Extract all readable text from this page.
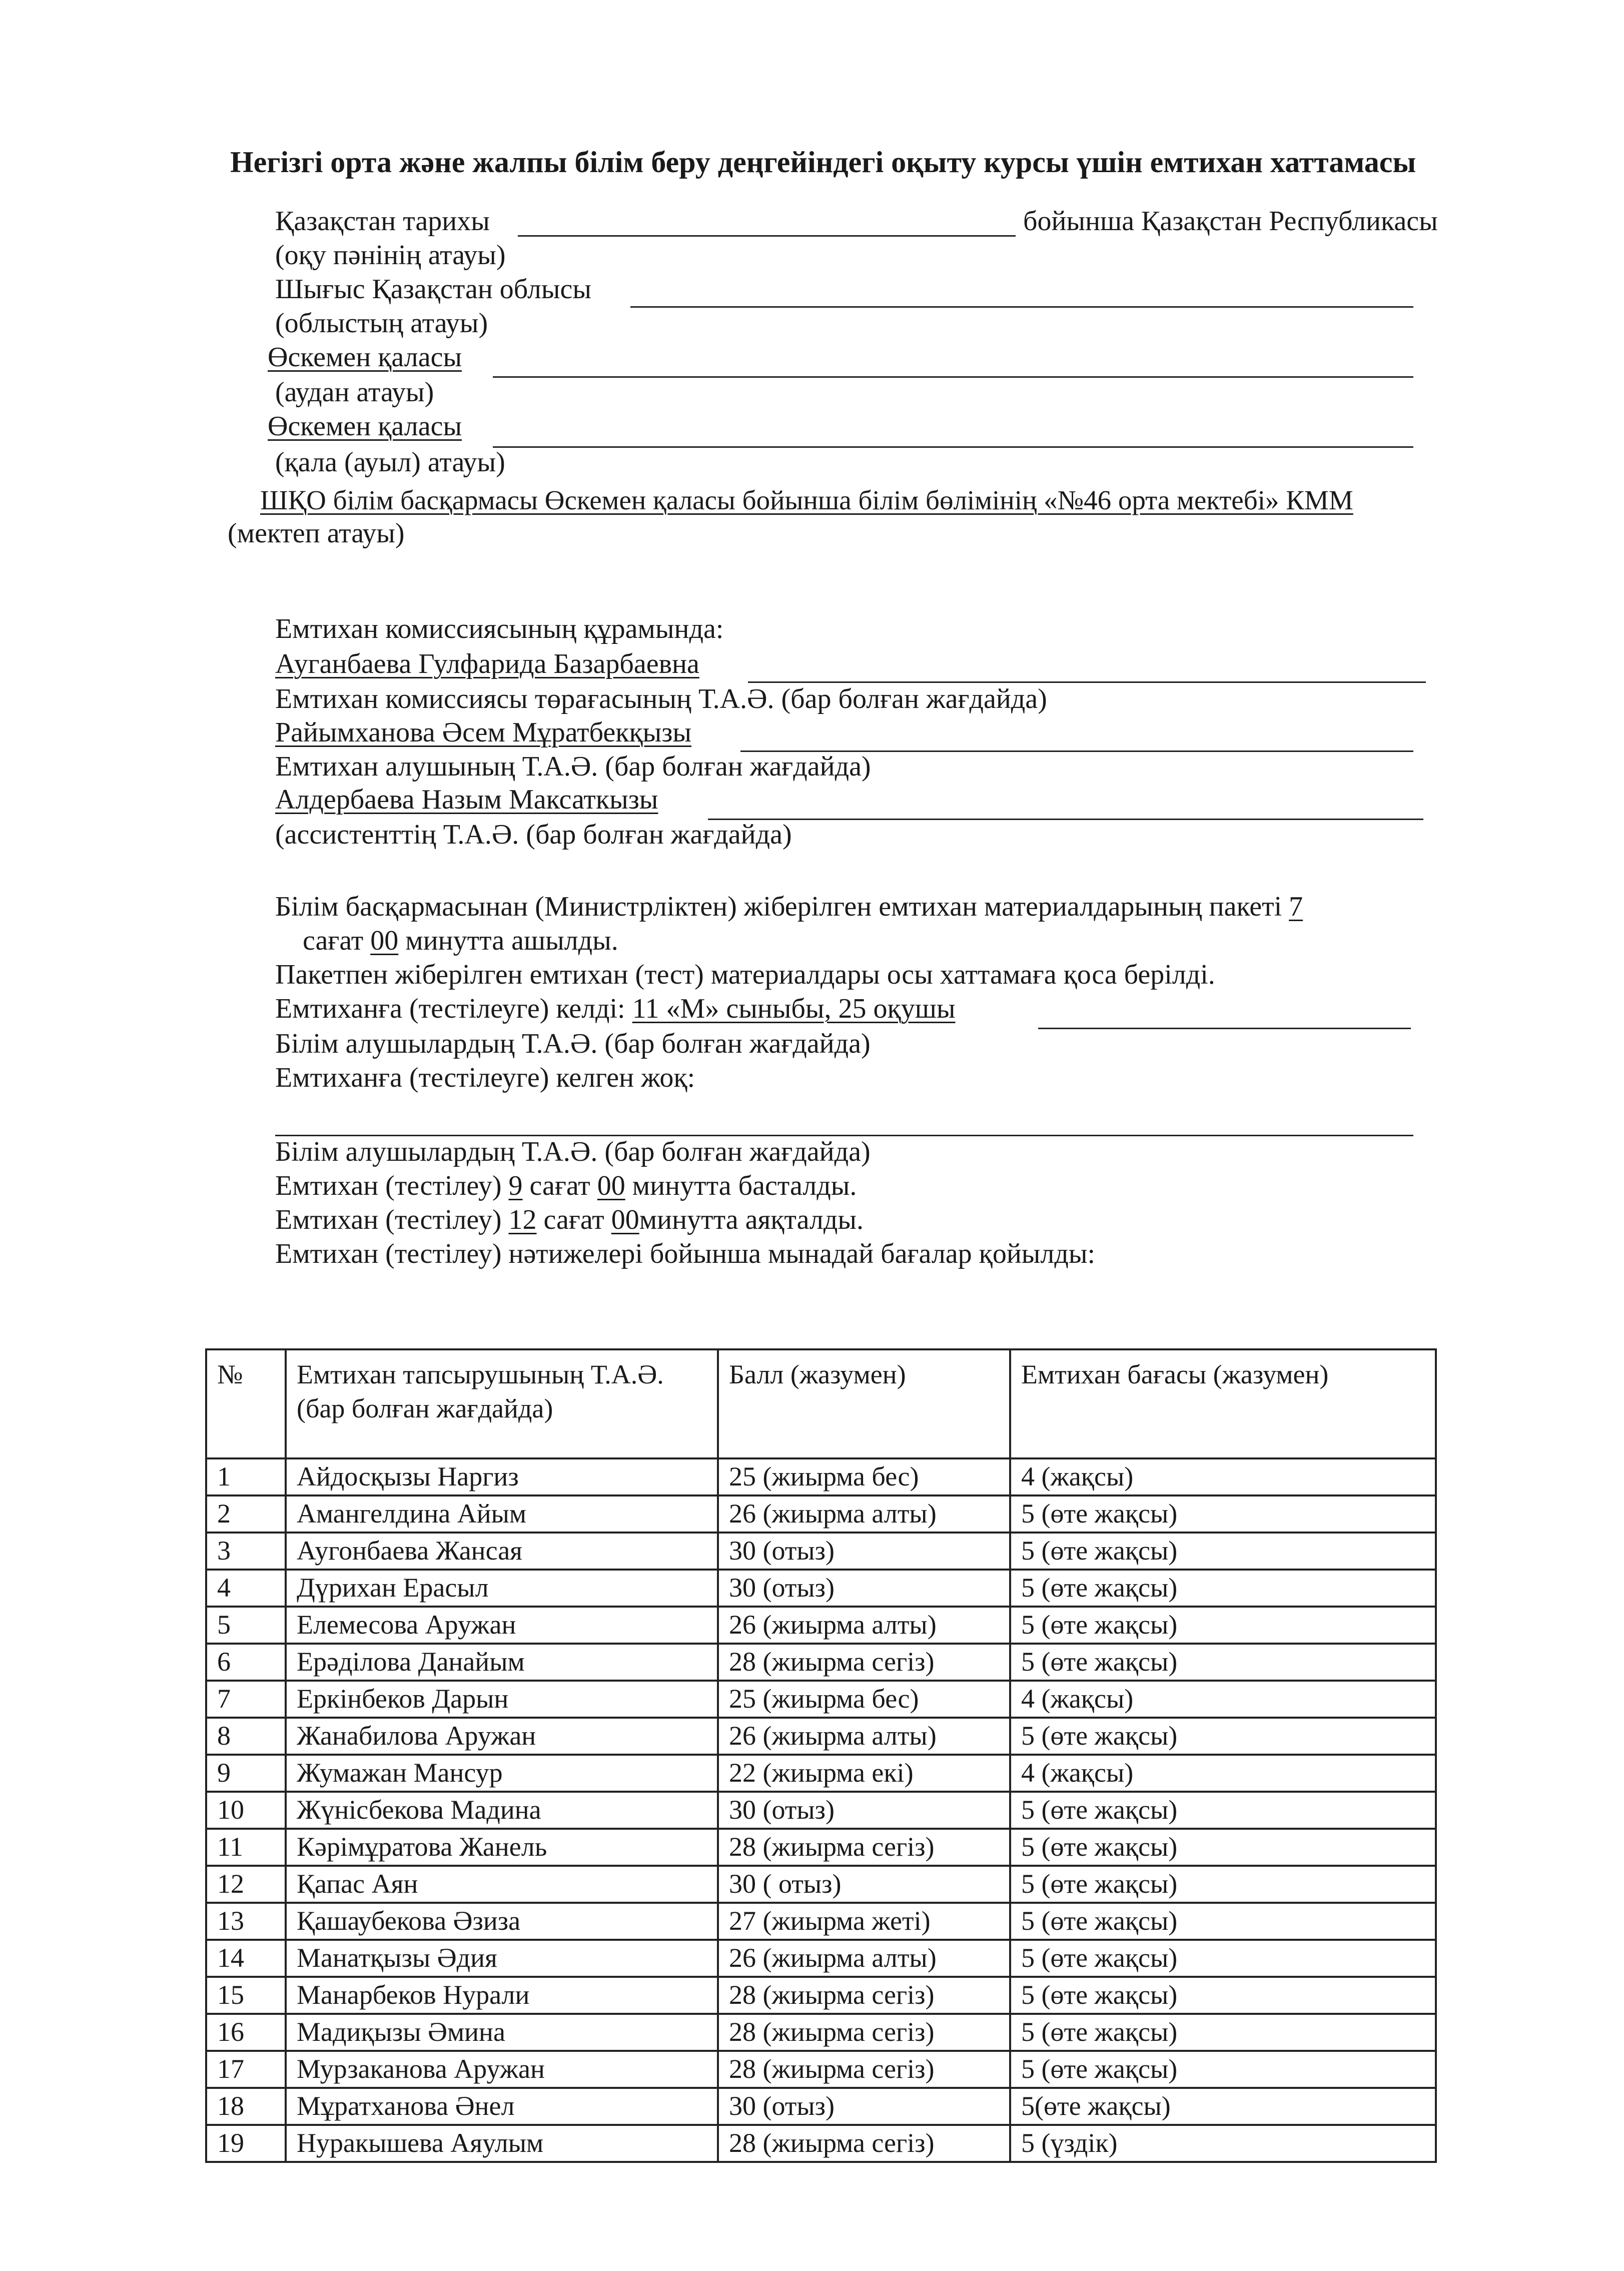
Негізгі орта және жалпы білім беру деңгейіндегі оқыту курсы үшін емтихан хаттамасы
Қазақстан тарихы	бойынша Қазақстан Республикасы
(оқу пәнінің атауы)
Шығыс Қазақстан облысы
(облыстың атауы)
Өскемен қаласы
(аудан атауы)
Өскемен қаласы
(қала (ауыл) атауы)
ШҚО білім басқармасы Өскемен қаласы бойынша білім бөлімінің «№46 орта мектебі» КММ
(мектеп атауы)
Емтихан комиссиясының құрамында:
Ауганбаева Гулфарида Базарбаевна
Емтихан комиссиясы төрағасының Т.А.Ә. (бар болған жағдайда)
Райымханова Әсем Мұратбекқызы
Емтихан алушының Т.А.Ә. (бар болған жағдайда)
Алдербаева Назым Максаткызы
(ассистенттің Т.А.Ә. (бар болған жағдайда)
Білім басқармасынан (Министрліктен) жіберілген емтихан материалдарының пакеті 7
сағат 00 минутта ашылды.
Пакетпен жіберілген емтихан (тест) материалдары осы хаттамаға қоса берілді.
Емтиханға (тестілеуге) келді: 11 «М» сыныбы, 25 оқушы
Білім алушылардың Т.А.Ә. (бар болған жағдайда)
Емтиханға (тестілеуге) келген жоқ:
Білім алушылардың Т.А.Ә. (бар болған жағдайда)
Емтихан (тестілеу) 9 сағат 00 минутта басталды.
Емтихан (тестілеу) 12 сағат 00минутта аяқталды.
Емтихан (тестілеу) нәтижелері бойынша мынадай бағалар қойылды:
№	Емтихан тапсырушының Т.А.Ә. (бар болған жағдайда)	Балл (жазумен)	Емтихан бағасы (жазумен)
1	Айдосқызы Наргиз	25 (жиырма бес)	4 (жақсы)
2	Амангелдина Айым	26 (жиырма алты)	5 (өте жақсы)
3	Аугонбаева Жансая	30 (отыз)	5 (өте жақсы)
4	Дүрихан Ерасыл	30 (отыз)	5 (өте жақсы)
5	Елемесова Аружан	26 (жиырма алты)	5 (өте жақсы)
6	Ерәділова Данайым	28 (жиырма сегіз)	5 (өте жақсы)
7	Еркінбеков Дарын	25 (жиырма бес)	4 (жақсы)
8	Жанабилова Аружан	26 (жиырма алты)	5 (өте жақсы)
9	Жумажан Мансур	22 (жиырма екі)	4 (жақсы)
10	Жүнісбекова Мадина	30 (отыз)	5 (өте жақсы)
11	Кәрімұратова Жанель	28 (жиырма сегіз)	5 (өте жақсы)
12	Қапас Аян	30 ( отыз)	5 (өте жақсы)
13	Қашаубекова Әзиза	27 (жиырма жеті)	5 (өте жақсы)
14	Манатқызы Әдия	26 (жиырма алты)	5 (өте жақсы)
15	Манарбеков Нурали	28 (жиырма сегіз)	5 (өте жақсы)
16	Мадиқызы Әмина	28 (жиырма сегіз)	5 (өте жақсы)
17	Мурзаканова Аружан	28 (жиырма сегіз)	5 (өте жақсы)
18	Мұратханова Әнел	30 (отыз)	5(өте жақсы)
19	Нуракышева Аяулым	28 (жиырма сегіз)	5 (үздік)
